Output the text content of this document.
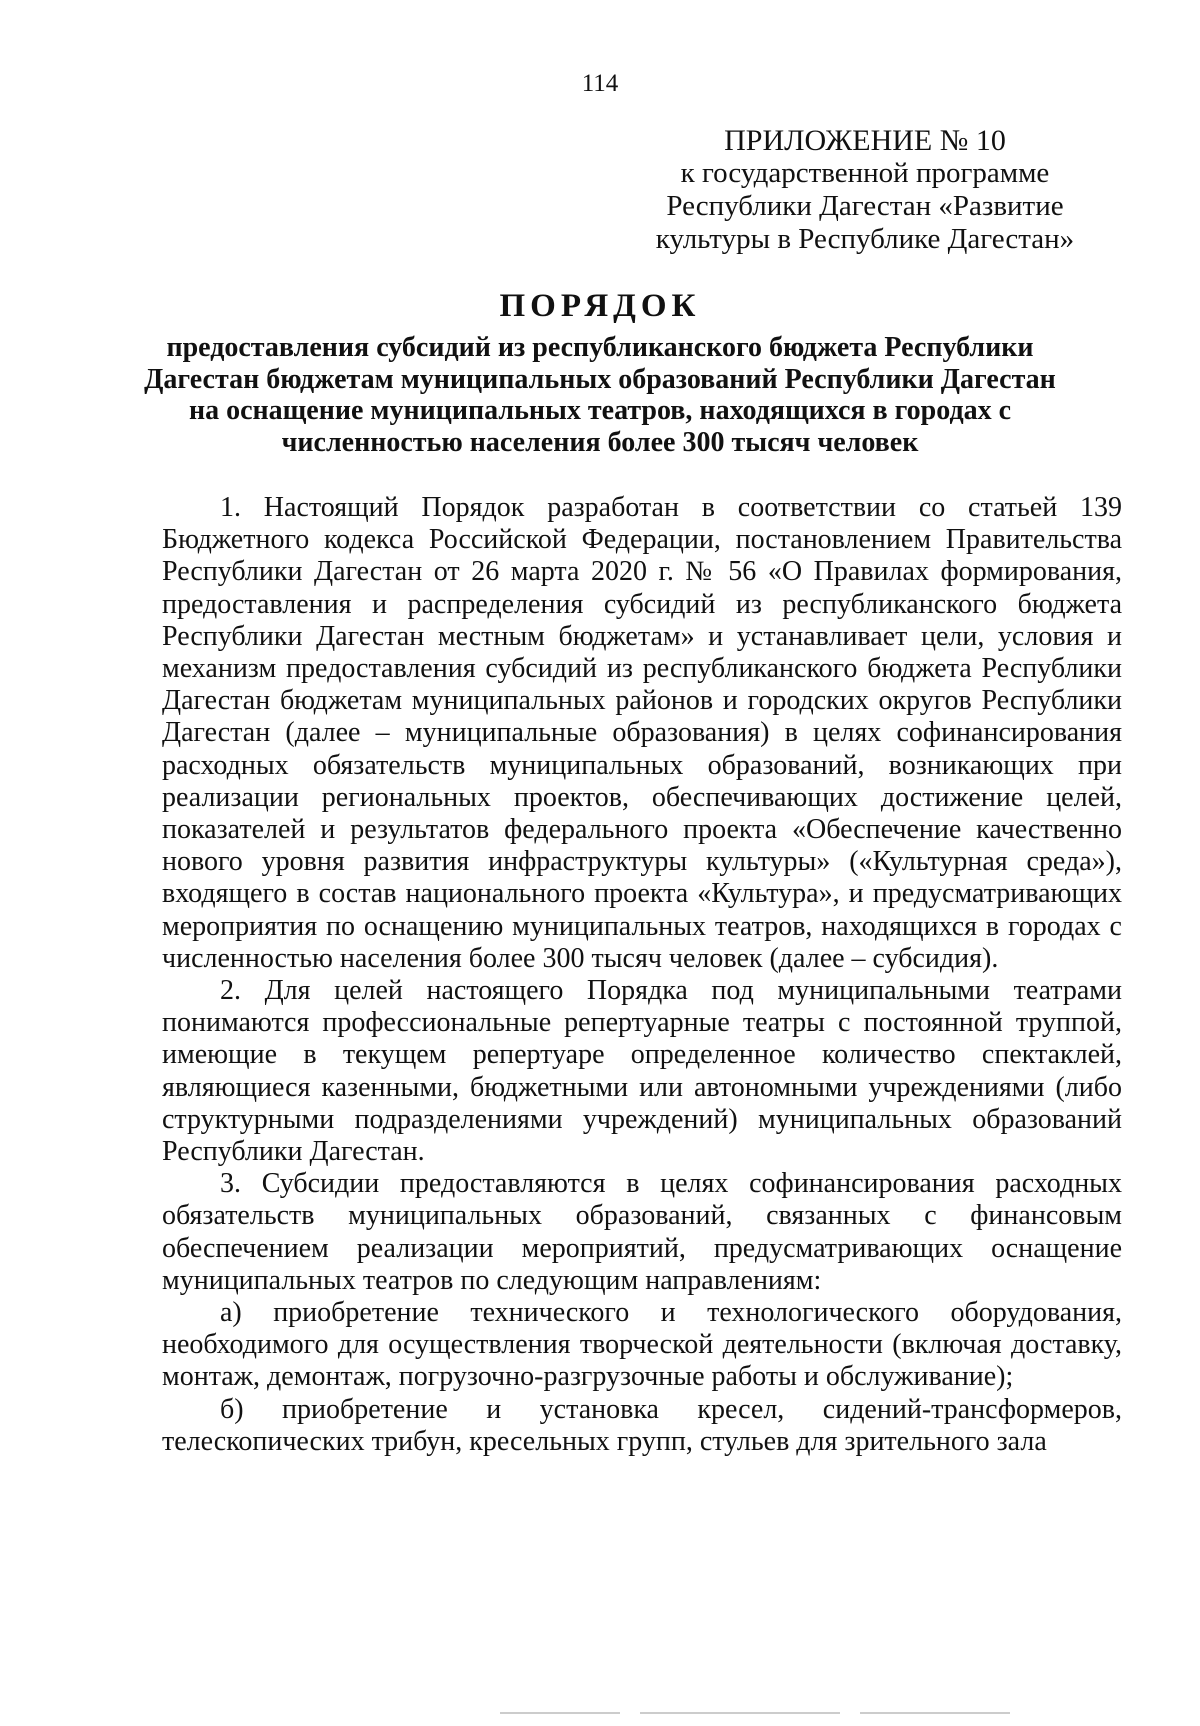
114
ПРИЛОЖЕНИЕ № 10
к государственной программе
Республики Дагестан «Развитие
культуры в Республике Дагестан»
ПОРЯДОК
предоставления субсидий из республиканского бюджета Республики
Дагестан бюджетам муниципальных образований Республики Дагестан
на оснащение муниципальных театров, находящихся в городах с
численностью населения более 300 тысяч человек

1. Настоящий Порядок разработан в соответствии со статьей 139 Бюджетного кодекса Российской Федерации, постановлением Правительства Республики Дагестан от 26 марта 2020 г. № 56 «О Правилах формирования, предоставления и распределения субсидий из республиканского бюджета Республики Дагестан местным бюджетам» и устанавливает цели, условия и механизм предоставления субсидий из республиканского бюджета Республики Дагестан бюджетам муниципальных районов и городских округов Республики Дагестан (далее – муниципальные образования) в целях софинансирования расходных обязательств муниципальных образований, возникающих при реализации региональных проектов, обеспечивающих достижение целей, показателей и результатов федерального проекта «Обеспечение качественно нового уровня развития инфраструктуры культуры» («Культурная среда»), входящего в состав национального проекта «Культура», и предусматривающих мероприятия по оснащению муниципальных театров, находящихся в городах с численностью населения более 300 тысяч человек (далее – субсидия).

2. Для целей настоящего Порядка под муниципальными театрами понимаются профессиональные репертуарные театры с постоянной труппой, имеющие в текущем репертуаре определенное количество спектаклей, являющиеся казенными, бюджетными или автономными учреждениями (либо структурными подразделениями учреждений) муниципальных образований Республики Дагестан.

3. Субсидии предоставляются в целях софинансирования расходных обязательств муниципальных образований, связанных с финансовым обеспечением реализации мероприятий, предусматривающих оснащение муниципальных театров по следующим направлениям:

а) приобретение технического и технологического оборудования, необходимого для осуществления творческой деятельности (включая доставку, монтаж, демонтаж, погрузочно-разгрузочные работы и обслуживание);

б) приобретение и установка кресел, сидений-трансформеров, телескопических трибун, кресельных групп, стульев для зрительного зала
